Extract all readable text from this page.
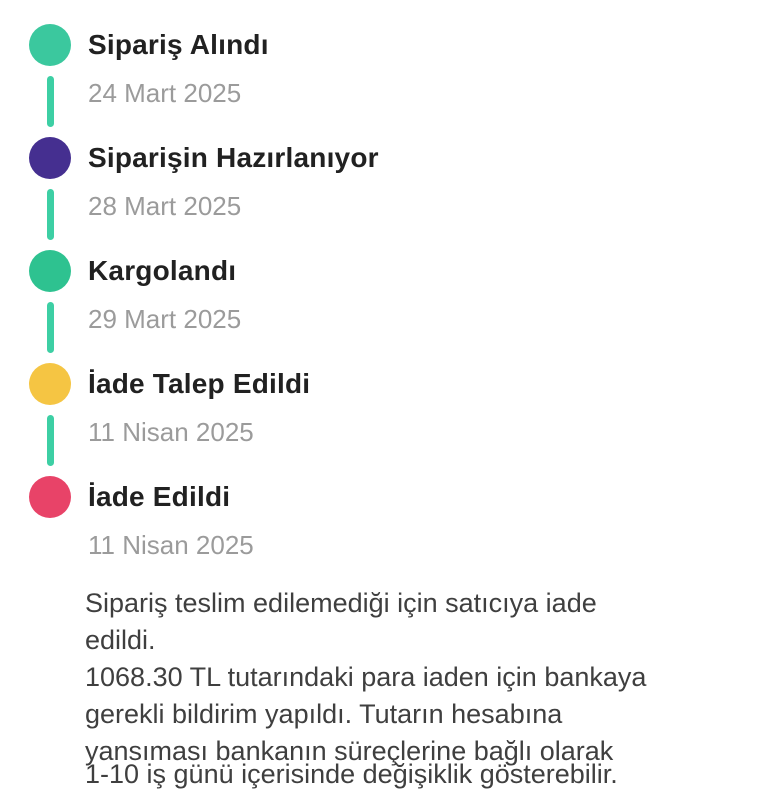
Sipariş Alındı
24 Mart 2025
Siparişin Hazırlanıyor
28 Mart 2025
Kargolandı
29 Mart 2025
İade Talep Edildi
11 Nisan 2025
İade Edildi
11 Nisan 2025
Sipariş teslim edilemediği için satıcıya iade
edildi.
1068.30 TL tutarındaki para iaden için bankaya
gerekli bildirim yapıldı. Tutarın hesabına
yansıması bankanın süreçlerine bağlı olarak
1-10 iş günü içerisinde değişiklik gösterebilir.
